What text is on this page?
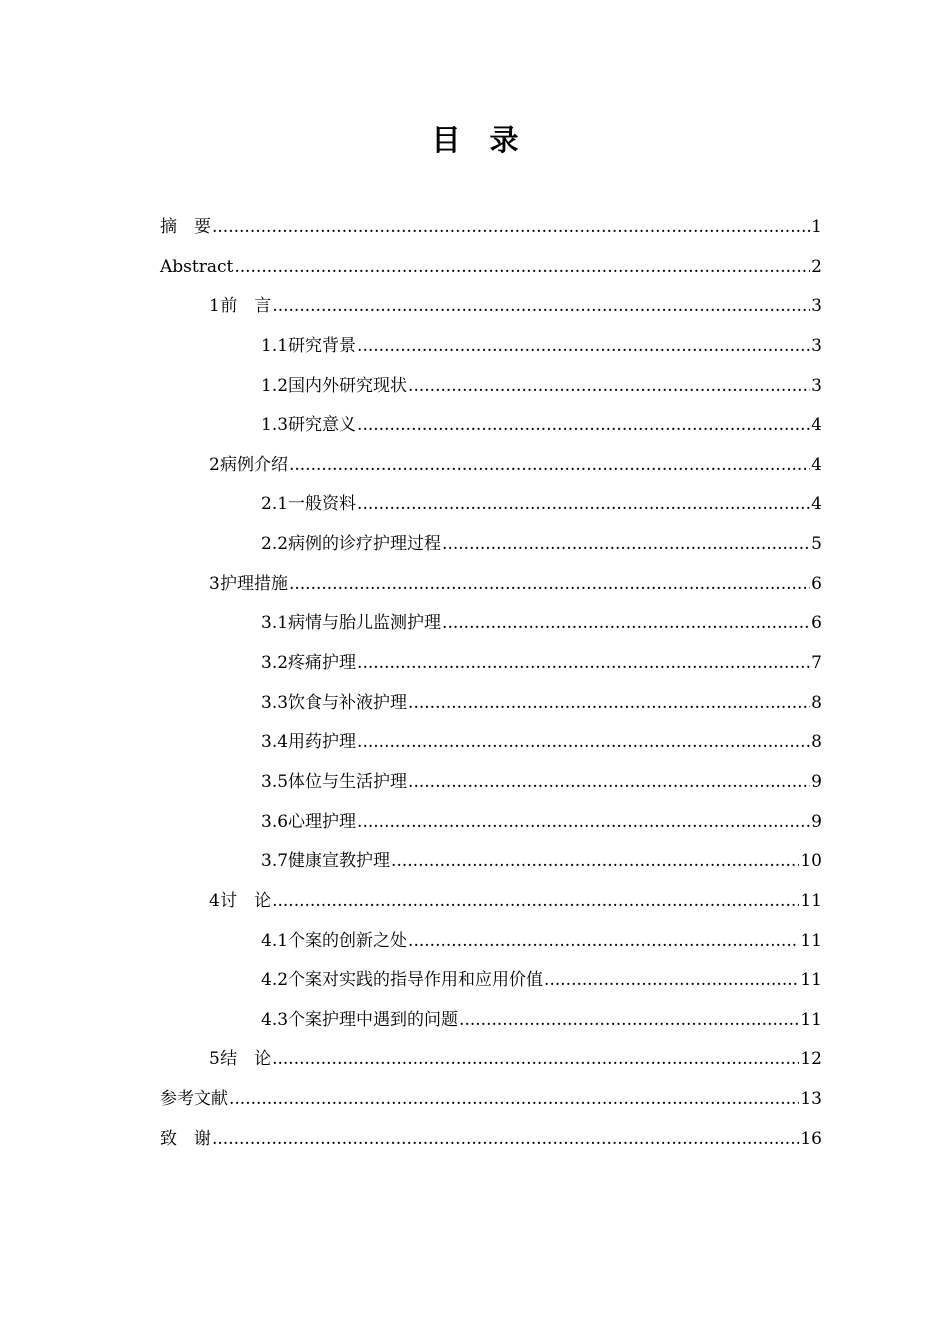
目　录
摘　要 .....	1
Abstract .....	2
1 前　言 .....	3
1.1 研究背景 .....	3
1.2 国内外研究现状 .....	3
1.3 研究意义 .....	4
2 病例介绍 .....	4
2.1 一般资料 .....	4
2.2 病例的诊疗护理过程 .....	5
3 护理措施 .....	6
3.1 病情与胎儿监测护理 .....	6
3.2 疼痛护理 .....	7
3.3 饮食与补液护理 .....	8
3.4 用药护理 .....	8
3.5 体位与生活护理 .....	9
3.6 心理护理 .....	9
3.7 健康宣教护理 .....	10
4 讨　论 .....	11
4.1 个案的创新之处 .....	11
4.2 个案对实践的指导作用和应用价值 .....	11
4.3 个案护理中遇到的问题 .....	11
5 结　论 .....	12
参考文献 .....	13
致　谢 .....	16
